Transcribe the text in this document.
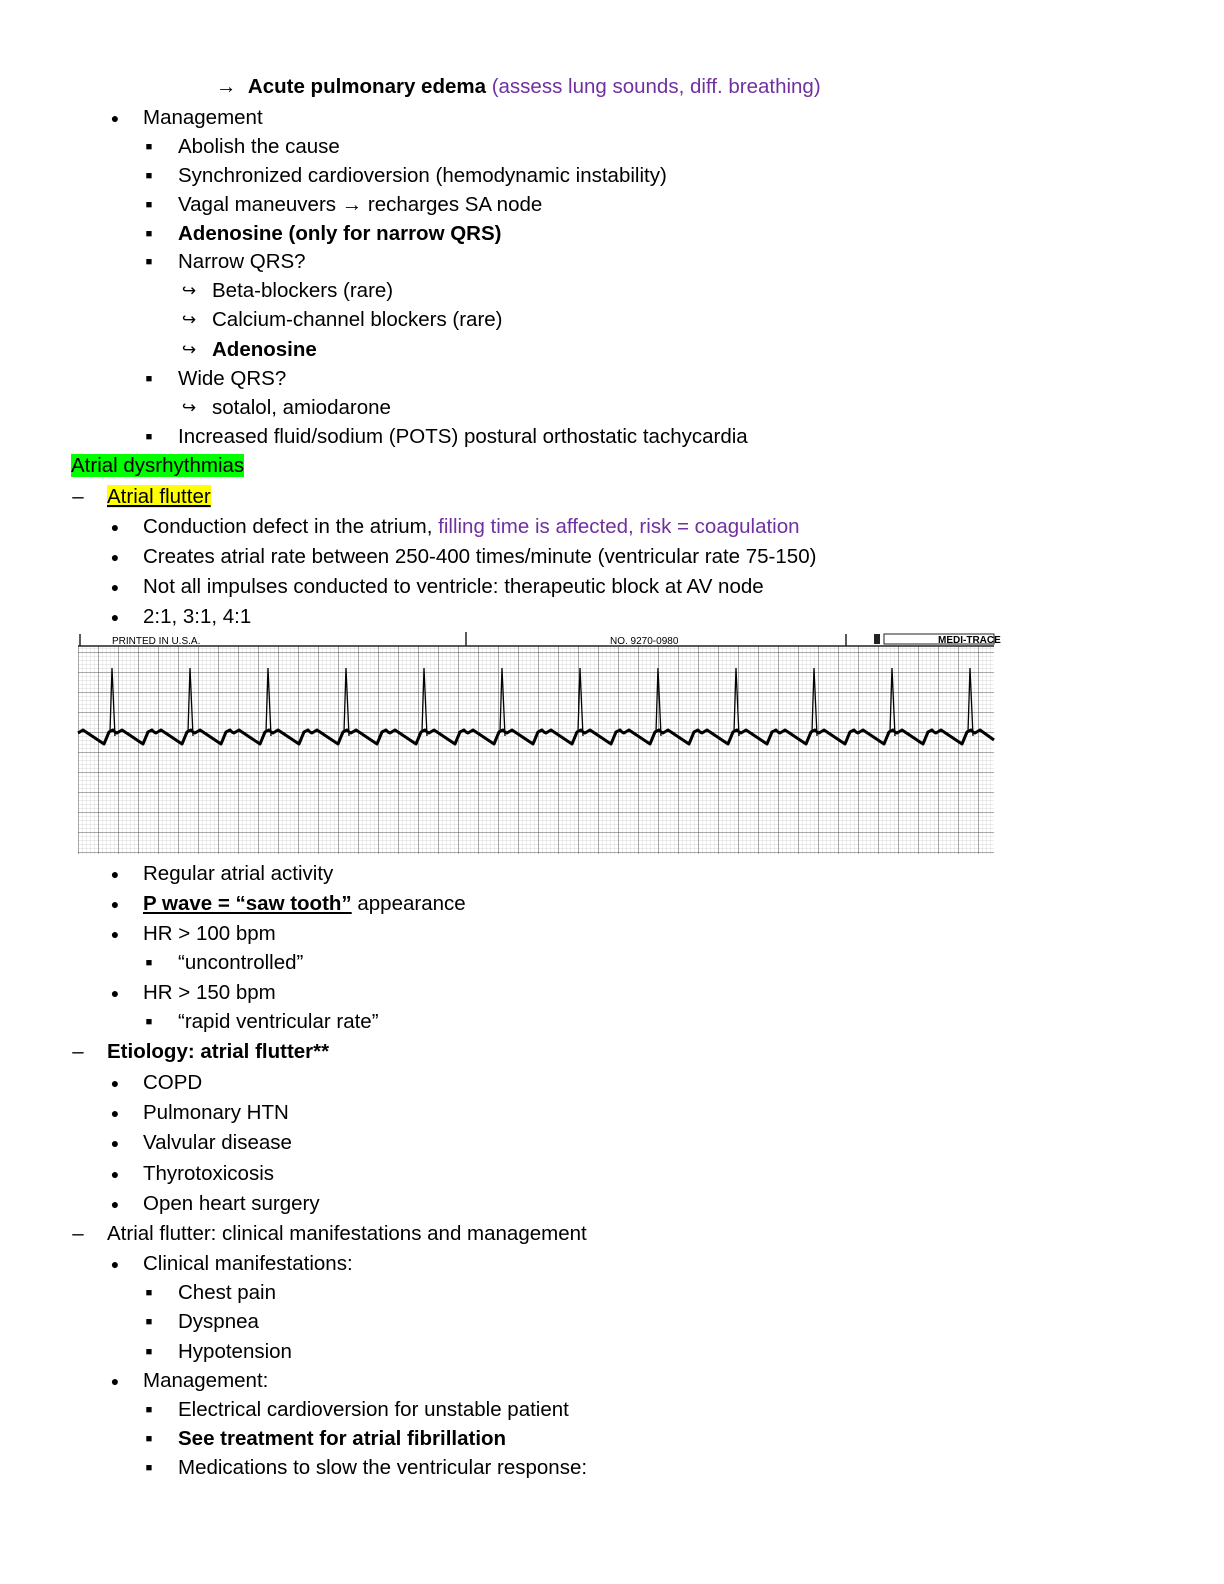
→ Acute pulmonary edema (assess lung sounds, diff. breathing)
● Management
■ Abolish the cause
■ Synchronized cardioversion (hemodynamic instability)
■ Vagal maneuvers → recharges SA node
■ Adenosine (only for narrow QRS)
■ Narrow QRS?
↪ Beta-blockers (rare)
↪ Calcium-channel blockers (rare)
↪ Adenosine
■ Wide QRS?
↪ sotalol, amiodarone
■ Increased fluid/sodium (POTS) postural orthostatic tachycardia
Atrial dysrhythmias
– Atrial flutter
● Conduction defect in the atrium, filling time is affected, risk = coagulation
● Creates atrial rate between 250-400 times/minute (ventricular rate 75-150)
● Not all impulses conducted to ventricle: therapeutic block at AV node
● 2:1, 3:1, 4:1
PRINTED IN U.S.A.	NO. 9270-0980	MEDI-TRACE
● Regular atrial activity
● P wave = “saw tooth” appearance
● HR > 100 bpm
■ “uncontrolled”
● HR > 150 bpm
■ “rapid ventricular rate”
– Etiology: atrial flutter**
● COPD
● Pulmonary HTN
● Valvular disease
● Thyrotoxicosis
● Open heart surgery
– Atrial flutter: clinical manifestations and management
● Clinical manifestations:
■ Chest pain
■ Dyspnea
■ Hypotension
● Management:
■ Electrical cardioversion for unstable patient
■ See treatment for atrial fibrillation
■ Medications to slow the ventricular response:
